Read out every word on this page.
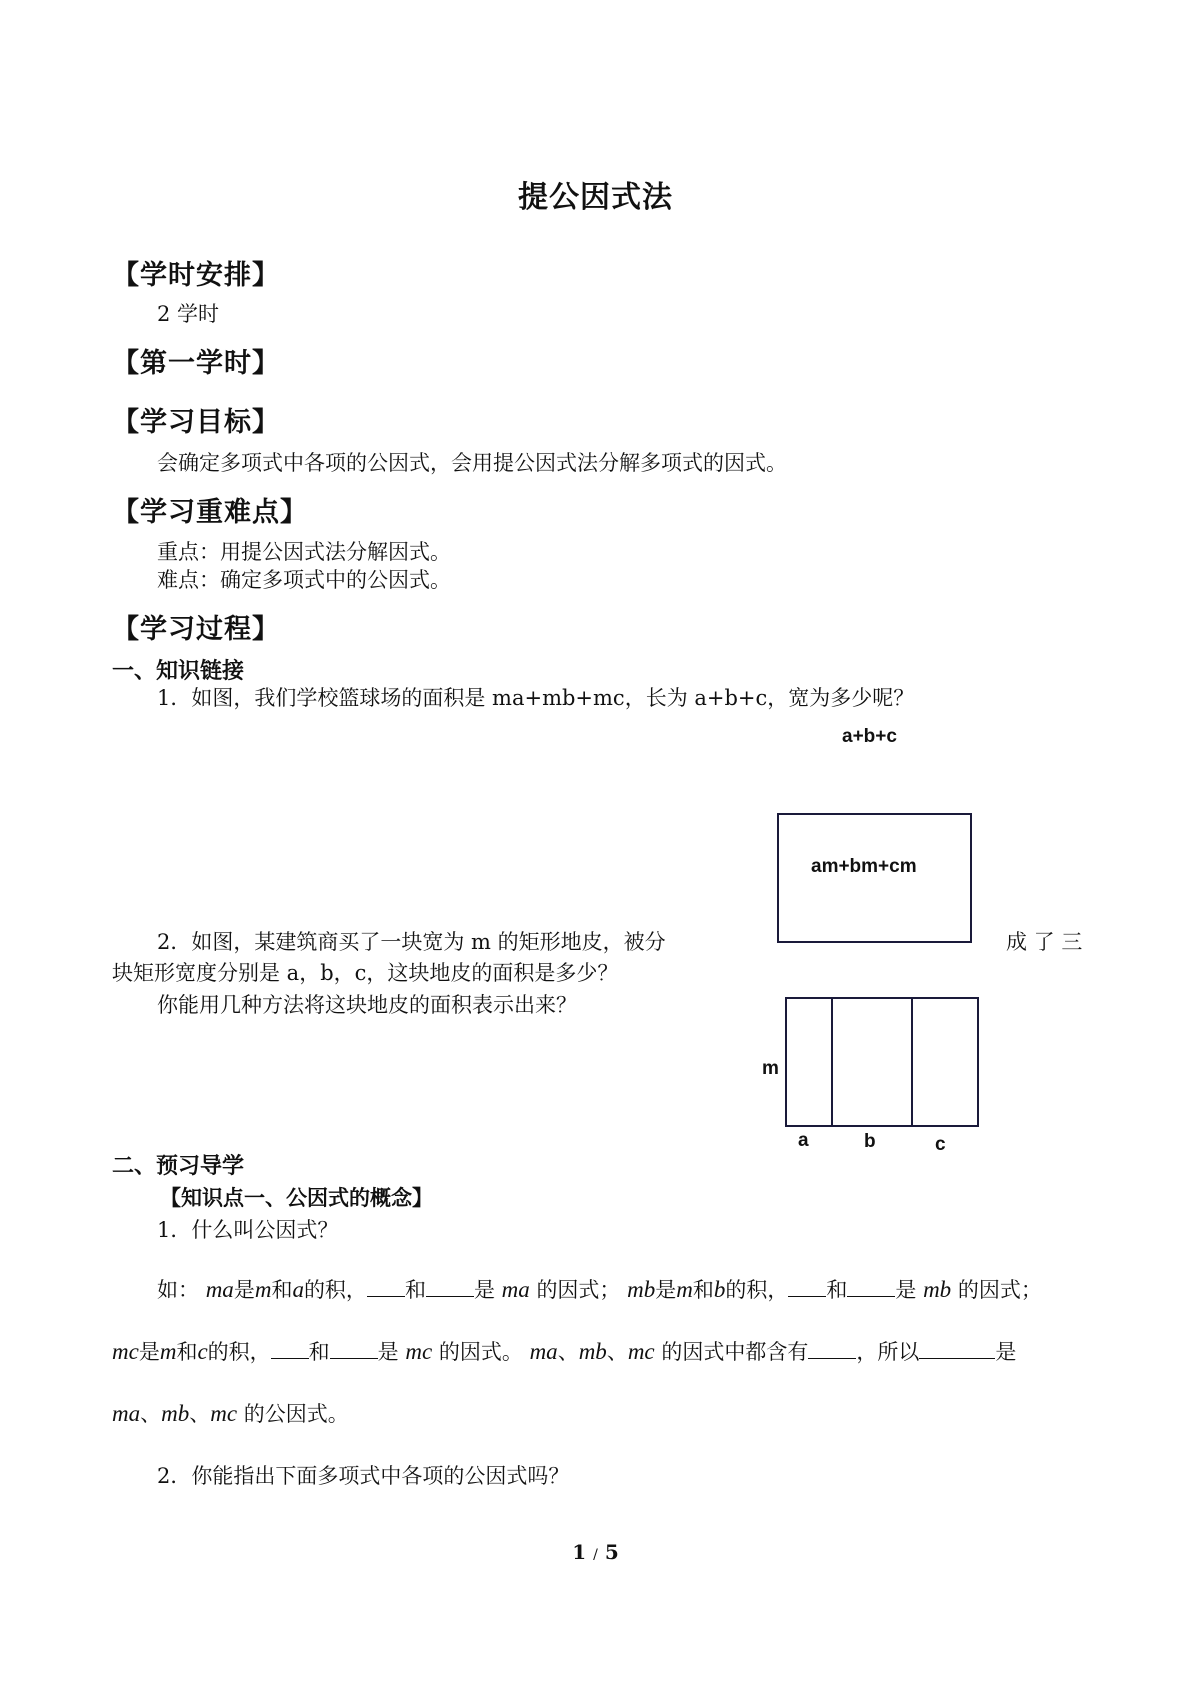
提公因式法
【学时安排】
2 学时
【第一学时】
【学习目标】
会确定多项式中各项的公因式，会用提公因式法分解多项式的因式。
【学习重难点】
重点：用提公因式法分解因式。
难点：确定多项式中的公因式。
【学习过程】
一、知识链接
1．如图，我们学校篮球场的面积是 ma+mb+mc，长为 a+b+c，宽为多少呢？
a+b+c
am+bm+cm
2．如图，某建筑商买了一块宽为 m 的矩形地皮，被分	成 了 三
块矩形宽度分别是 a，b，c，这块地皮的面积是多少？
你能用几种方法将这块地皮的面积表示出来？
m
a	b	c
二、预习导学
【知识点一、公因式的概念】
1．什么叫公因式？
如： ma是m和a的积， 和 是 ma 的因式； mb是m和b的积， 和 是 mb 的因式；
mc是m和c的积， 和 是 mc 的因式。 ma、mb、mc 的因式中都含有 ，所以	是
ma、mb、mc 的公因式。
2．你能指出下面多项式中各项的公因式吗？
1 / 5
